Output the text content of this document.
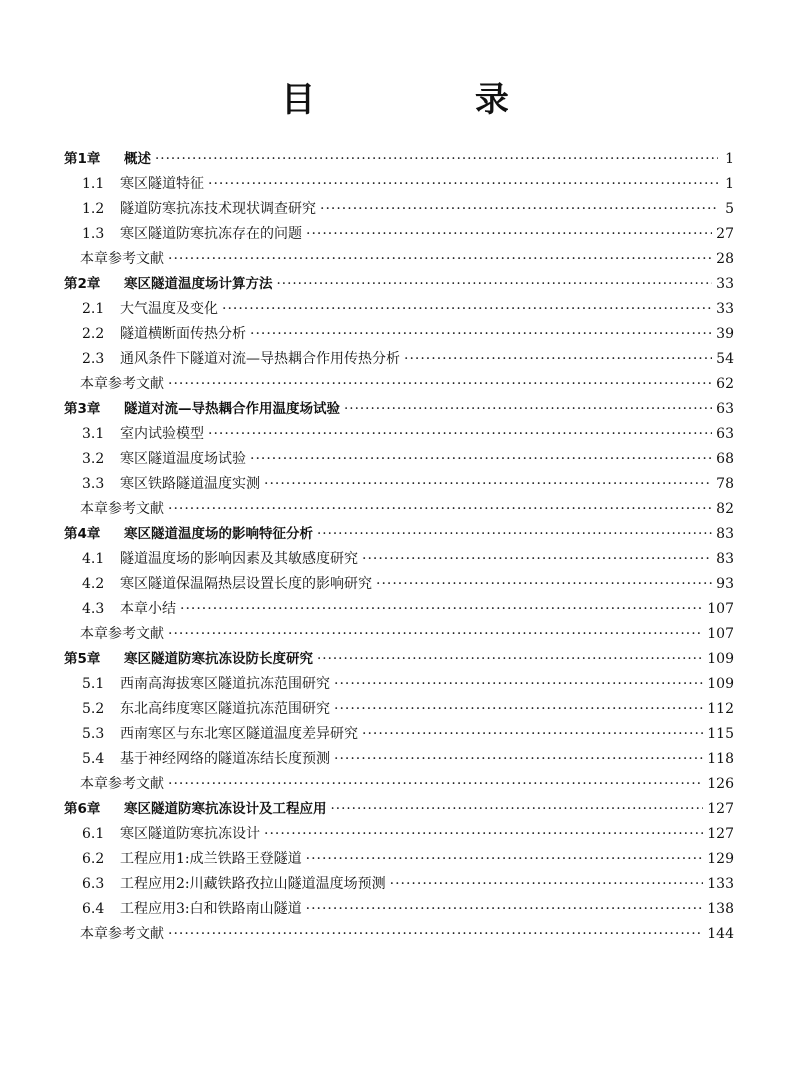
目 录
第1章	概述 ·····	1
1.1	寒区隧道特征 ·····	1
1.2	隧道防寒抗冻技术现状调查研究 ·····	5
1.3	寒区隧道防寒抗冻存在的问题 ·····	27
本章参考文献 ·····	28
第2章	寒区隧道温度场计算方法 ·····	33
2.1	大气温度及变化 ·····	33
2.2	隧道横断面传热分析 ·····	39
2.3	通风条件下隧道对流—导热耦合作用传热分析 ·····	54
本章参考文献 ·····	62
第3章	隧道对流—导热耦合作用温度场试验 ·····	63
3.1	室内试验模型 ·····	63
3.2	寒区隧道温度场试验 ·····	68
3.3	寒区铁路隧道温度实测 ·····	78
本章参考文献 ·····	82
第4章	寒区隧道温度场的影响特征分析 ·····	83
4.1	隧道温度场的影响因素及其敏感度研究 ·····	83
4.2	寒区隧道保温隔热层设置长度的影响研究 ·····	93
4.3	本章小结 ·····	107
本章参考文献 ·····	107
第5章	寒区隧道防寒抗冻设防长度研究 ·····	109
5.1	西南高海拔寒区隧道抗冻范围研究 ·····	109
5.2	东北高纬度寒区隧道抗冻范围研究 ·····	112
5.3	西南寒区与东北寒区隧道温度差异研究 ·····	115
5.4	基于神经网络的隧道冻结长度预测 ·····	118
本章参考文献 ·····	126
第6章	寒区隧道防寒抗冻设计及工程应用 ·····	127
6.1	寒区隧道防寒抗冻设计 ·····	127
6.2	工程应用1:成兰铁路王登隧道 ·····	129
6.3	工程应用2:川藏铁路孜拉山隧道温度场预测 ·····	133
6.4	工程应用3:白和铁路南山隧道 ·····	138
本章参考文献 ·····	144
